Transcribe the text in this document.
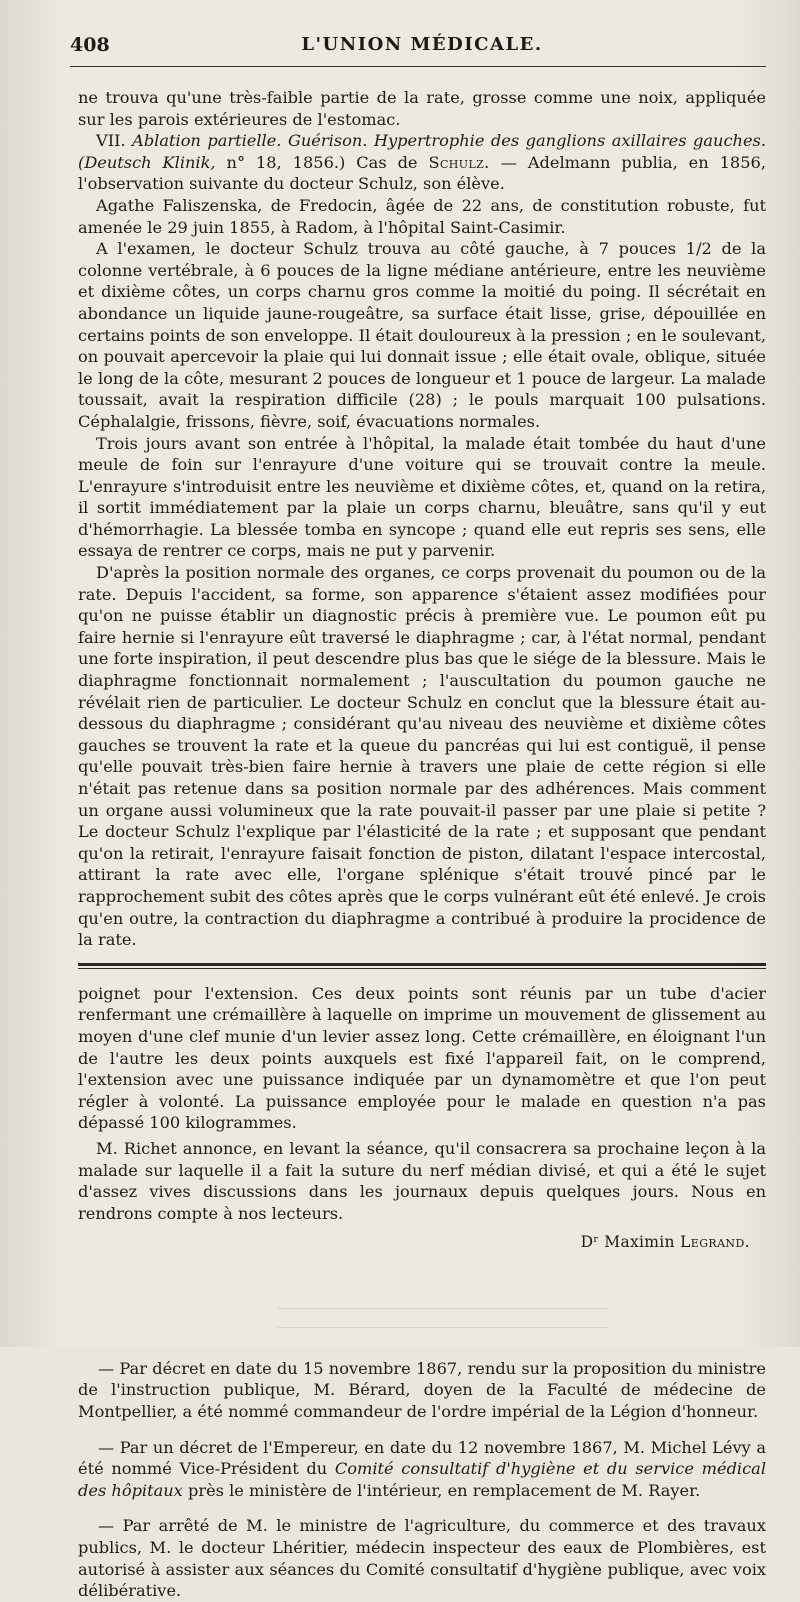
408	L'UNION MÉDICALE.

ne trouva qu'une très-faible partie de la rate, grosse comme une noix, appliquée sur les parois extérieures de l'estomac.

VII. Ablation partielle. Guérison. Hypertrophie des ganglions axillaires gauches. (Deutsch Klinik, n° 18, 1856.) Cas de Schulz. — Adelmann publia, en 1856, l'observation suivante du docteur Schulz, son élève.

Agathe Faliszenska, de Fredocin, âgée de 22 ans, de constitution robuste, fut amenée le 29 juin 1855, à Radom, à l'hôpital Saint-Casimir.

A l'examen, le docteur Schulz trouva au côté gauche, à 7 pouces 1/2 de la colonne vertébrale, à 6 pouces de la ligne médiane antérieure, entre les neuvième et dixième côtes, un corps charnu gros comme la moitié du poing. Il sécrétait en abondance un liquide jaune-rougeâtre, sa surface était lisse, grise, dépouillée en certains points de son enveloppe. Il était douloureux à la pression ; en le soulevant, on pouvait apercevoir la plaie qui lui donnait issue ; elle était ovale, oblique, située le long de la côte, mesurant 2 pouces de longueur et 1 pouce de largeur. La malade toussait, avait la respiration difficile (28) ; le pouls marquait 100 pulsations. Céphalalgie, frissons, fièvre, soif, évacuations normales.

Trois jours avant son entrée à l'hôpital, la malade était tombée du haut d'une meule de foin sur l'enrayure d'une voiture qui se trouvait contre la meule. L'enrayure s'introduisit entre les neuvième et dixième côtes, et, quand on la retira, il sortit immédiatement par la plaie un corps charnu, bleuâtre, sans qu'il y eut d'hémorrhagie. La blessée tomba en syncope ; quand elle eut repris ses sens, elle essaya de rentrer ce corps, mais ne put y parvenir.

D'après la position normale des organes, ce corps provenait du poumon ou de la rate. Depuis l'accident, sa forme, son apparence s'étaient assez modifiées pour qu'on ne puisse établir un diagnostic précis à première vue. Le poumon eût pu faire hernie si l'enrayure eût traversé le diaphragme ; car, à l'état normal, pendant une forte inspiration, il peut descendre plus bas que le siége de la blessure. Mais le diaphragme fonctionnait normalement ; l'auscultation du poumon gauche ne révélait rien de particulier. Le docteur Schulz en conclut que la blessure était au-dessous du diaphragme ; considérant qu'au niveau des neuvième et dixième côtes gauches se trouvent la rate et la queue du pancréas qui lui est contiguë, il pense qu'elle pouvait très-bien faire hernie à travers une plaie de cette région si elle n'était pas retenue dans sa position normale par des adhérences. Mais comment un organe aussi volumineux que la rate pouvait-il passer par une plaie si petite ? Le docteur Schulz l'explique par l'élasticité de la rate ; et supposant que pendant qu'on la retirait, l'enrayure faisait fonction de piston, dilatant l'espace intercostal, attirant la rate avec elle, l'organe splénique s'était trouvé pincé par le rapprochement subit des côtes après que le corps vulnérant eût été enlevé. Je crois qu'en outre, la contraction du diaphragme a contribué à produire la procidence de la rate.

poignet pour l'extension. Ces deux points sont réunis par un tube d'acier renfermant une crémaillère à laquelle on imprime un mouvement de glissement au moyen d'une clef munie d'un levier assez long. Cette crémaillère, en éloignant l'un de l'autre les deux points auxquels est fixé l'appareil fait, on le comprend, l'extension avec une puissance indiquée par un dynamomètre et que l'on peut régler à volonté. La puissance employée pour le malade en question n'a pas dépassé 100 kilogrammes.

M. Richet annonce, en levant la séance, qu'il consacrera sa prochaine leçon à la malade sur laquelle il a fait la suture du nerf médian divisé, et qui a été le sujet d'assez vives discussions dans les journaux depuis quelques jours. Nous en rendrons compte à nos lecteurs.

Dʳ Maximin Legrand.

— Par décret en date du 15 novembre 1867, rendu sur la proposition du ministre de l'instruction publique, M. Bérard, doyen de la Faculté de médecine de Montpellier, a été nommé commandeur de l'ordre impérial de la Légion d'honneur.

— Par un décret de l'Empereur, en date du 12 novembre 1867, M. Michel Lévy a été nommé Vice-Président du Comité consultatif d'hygiène et du service médical des hôpitaux près le ministère de l'intérieur, en remplacement de M. Rayer.

— Par arrêté de M. le ministre de l'agriculture, du commerce et des travaux publics, M. le docteur Lhéritier, médecin inspecteur des eaux de Plombières, est autorisé à assister aux séances du Comité consultatif d'hygiène publique, avec voix délibérative.
